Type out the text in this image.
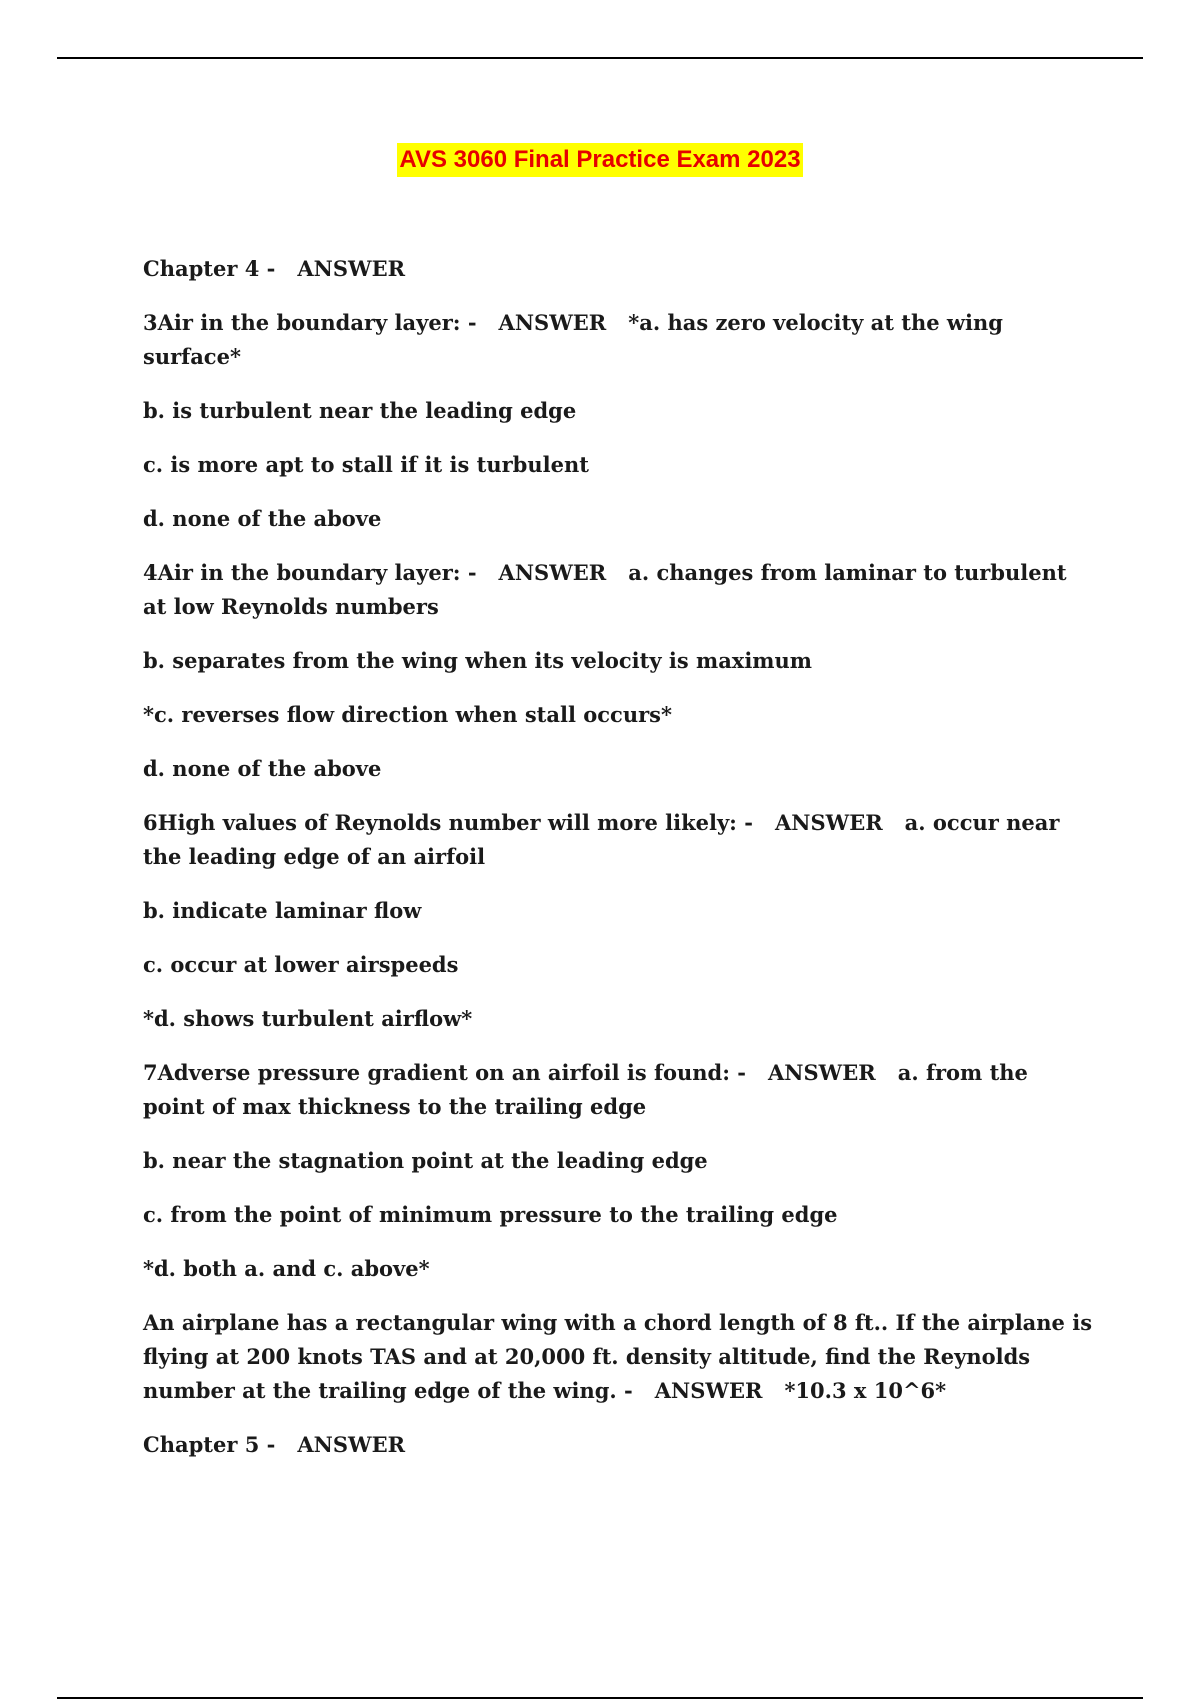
AVS 3060 Final Practice Exam 2023

Chapter 4 - ANSWER

3Air in the boundary layer: - ANSWER *a. has zero velocity at the wing surface*

b. is turbulent near the leading edge

c. is more apt to stall if it is turbulent

d. none of the above

4Air in the boundary layer: - ANSWER a. changes from laminar to turbulent at low Reynolds numbers

b. separates from the wing when its velocity is maximum

*c. reverses flow direction when stall occurs*

d. none of the above

6High values of Reynolds number will more likely: - ANSWER a. occur near the leading edge of an airfoil

b. indicate laminar flow

c. occur at lower airspeeds

*d. shows turbulent airflow*

7Adverse pressure gradient on an airfoil is found: - ANSWER a. from the point of max thickness to the trailing edge

b. near the stagnation point at the leading edge

c. from the point of minimum pressure to the trailing edge

*d. both a. and c. above*

An airplane has a rectangular wing with a chord length of 8 ft.. If the airplane is flying at 200 knots TAS and at 20,000 ft. density altitude, find the Reynolds number at the trailing edge of the wing. - ANSWER *10.3 x 10^6*

Chapter 5 - ANSWER
